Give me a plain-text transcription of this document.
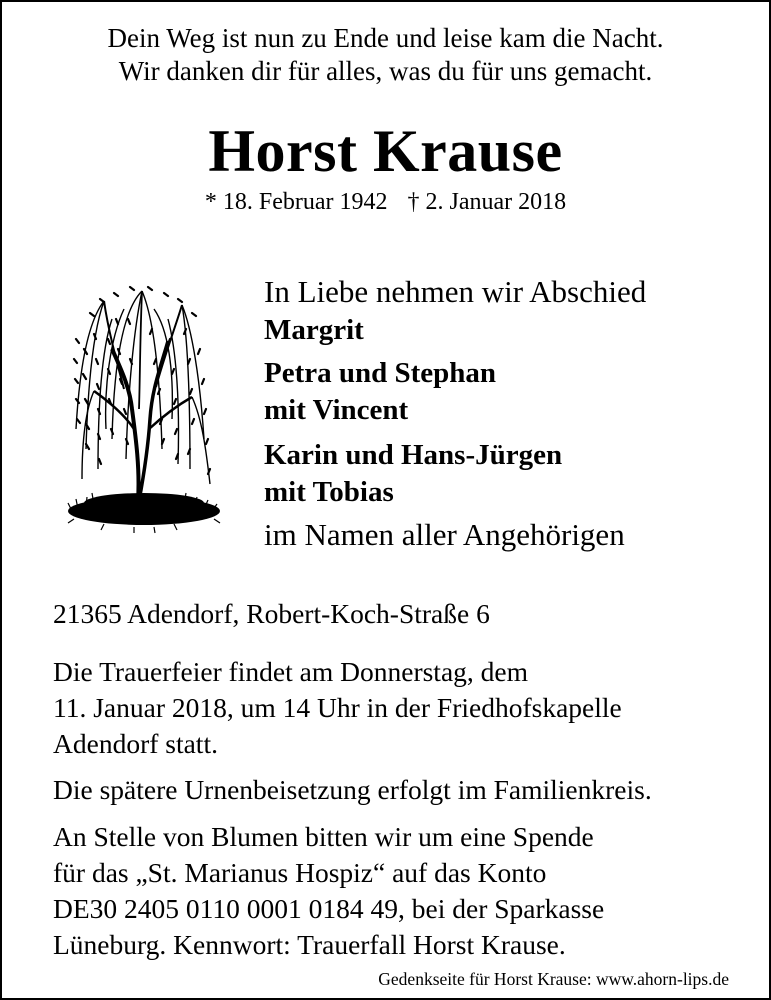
Dein Weg ist nun zu Ende und leise kam die Nacht.
Wir danken dir für alles, was du für uns gemacht.
Horst Krause
* 18. Februar 1942 † 2. Januar 2018
In Liebe nehmen wir Abschied
Margrit
Petra und Stephan
mit Vincent
Karin und Hans-Jürgen
mit Tobias
im Namen aller Angehörigen

21365 Adendorf, Robert-Koch-Straße 6

Die Trauerfeier findet am Donnerstag, dem
11. Januar 2018, um 14 Uhr in der Friedhofskapelle
Adendorf statt.

Die spätere Urnenbeisetzung erfolgt im Familienkreis.

An Stelle von Blumen bitten wir um eine Spende
für das „St. Marianus Hospiz“ auf das Konto
DE30 2405 0110 0001 0184 49, bei der Sparkasse
Lüneburg. Kennwort: Trauerfall Horst Krause.
Gedenkseite für Horst Krause: www.ahorn-lips.de
